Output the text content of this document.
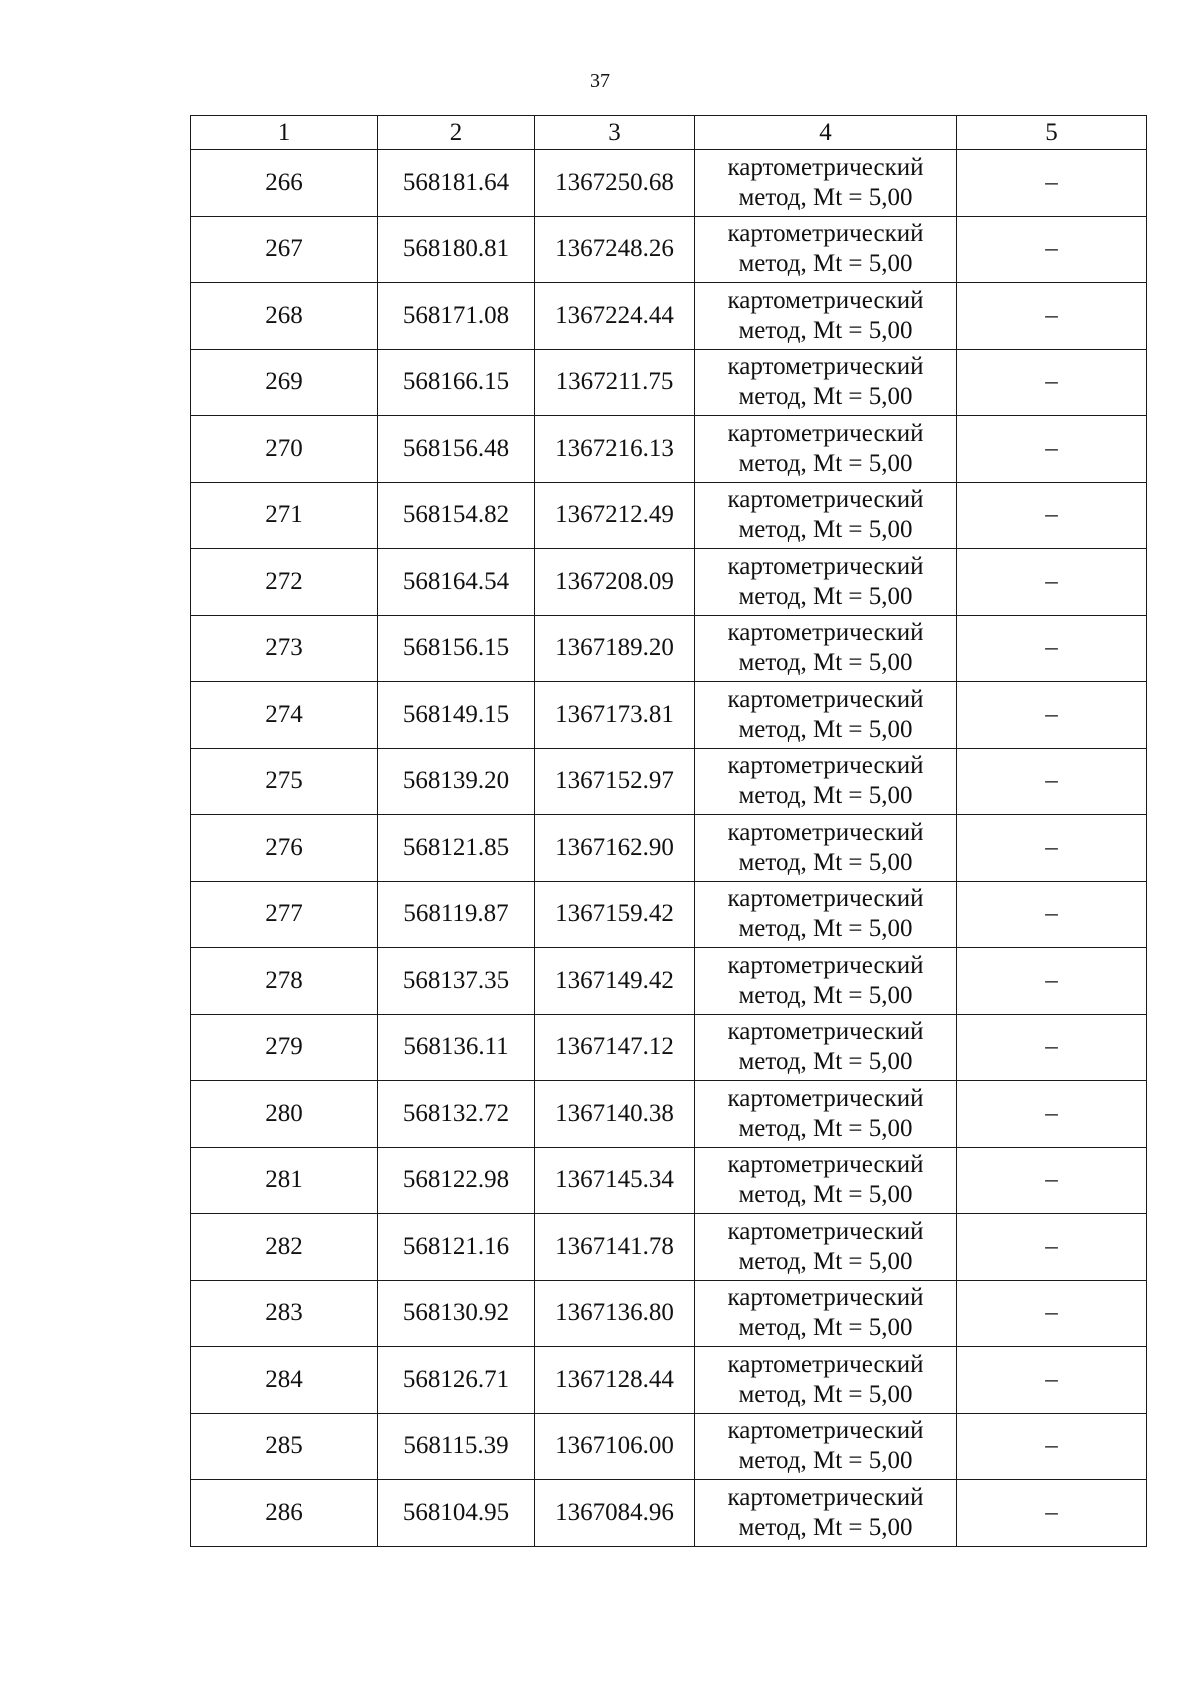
37
1	2	3	4	5
266	568181.64	1367250.68	картометрический
метод, Mt = 5,00	–
267	568180.81	1367248.26	картометрический
метод, Mt = 5,00	–
268	568171.08	1367224.44	картометрический
метод, Mt = 5,00	–
269	568166.15	1367211.75	картометрический
метод, Mt = 5,00	–
270	568156.48	1367216.13	картометрический
метод, Mt = 5,00	–
271	568154.82	1367212.49	картометрический
метод, Mt = 5,00	–
272	568164.54	1367208.09	картометрический
метод, Mt = 5,00	–
273	568156.15	1367189.20	картометрический
метод, Mt = 5,00	–
274	568149.15	1367173.81	картометрический
метод, Mt = 5,00	–
275	568139.20	1367152.97	картометрический
метод, Mt = 5,00	–
276	568121.85	1367162.90	картометрический
метод, Mt = 5,00	–
277	568119.87	1367159.42	картометрический
метод, Mt = 5,00	–
278	568137.35	1367149.42	картометрический
метод, Mt = 5,00	–
279	568136.11	1367147.12	картометрический
метод, Mt = 5,00	–
280	568132.72	1367140.38	картометрический
метод, Mt = 5,00	–
281	568122.98	1367145.34	картометрический
метод, Mt = 5,00	–
282	568121.16	1367141.78	картометрический
метод, Mt = 5,00	–
283	568130.92	1367136.80	картометрический
метод, Mt = 5,00	–
284	568126.71	1367128.44	картометрический
метод, Mt = 5,00	–
285	568115.39	1367106.00	картометрический
метод, Mt = 5,00	–
286	568104.95	1367084.96	картометрический
метод, Mt = 5,00	–
